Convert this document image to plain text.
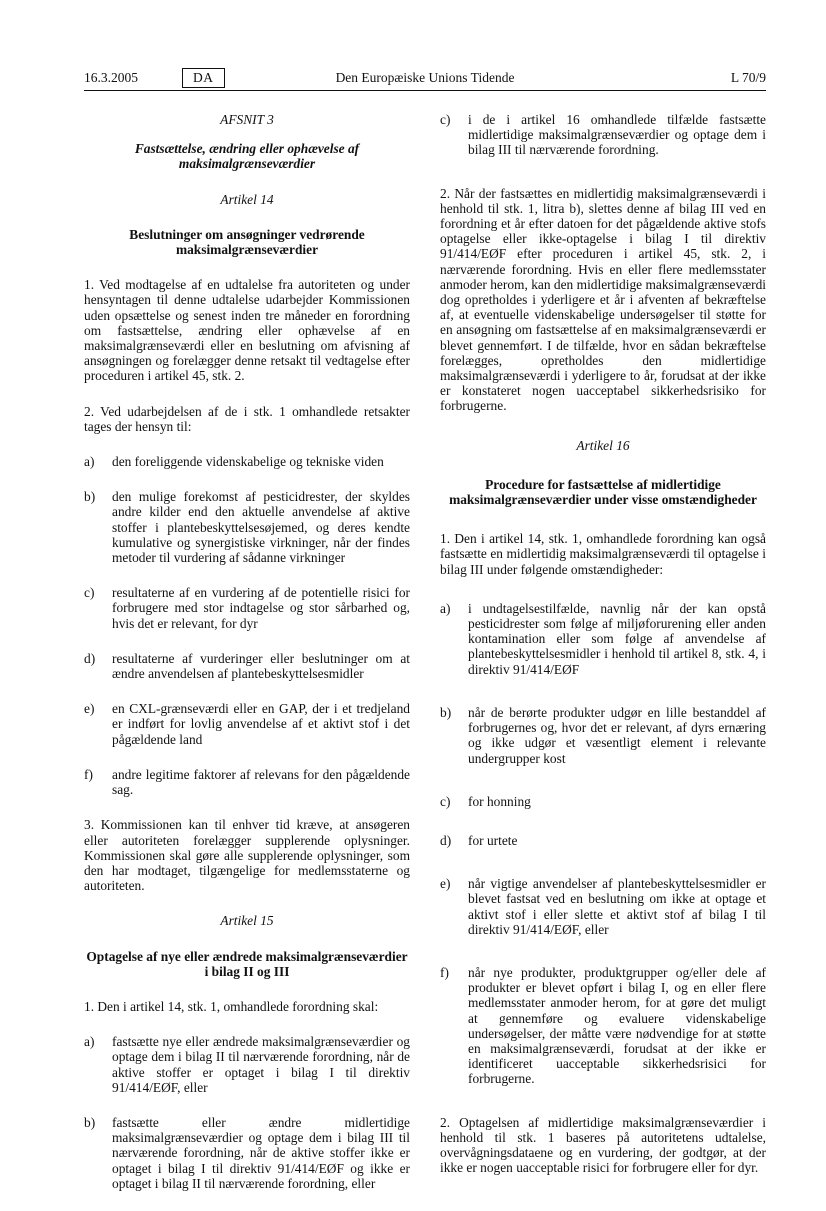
16.3.2005	DA	Den Europæiske Unions Tidende	L 70/9
AFSNIT 3
Fastsættelse, ændring eller ophævelse af maksimalgrænseværdier
Artikel 14
Beslutninger om ansøgninger vedrørende maksimalgrænseværdier

1. Ved modtagelse af en udtalelse fra autoriteten og under hensyntagen til denne udtalelse udarbejder Kommissionen uden opsættelse og senest inden tre måneder en forordning om fastsættelse, ændring eller ophævelse af en maksimalgrænseværdi eller en beslutning om afvisning af ansøgningen og forelægger denne retsakt til vedtagelse efter proceduren i artikel 45, stk. 2.

2. Ved udarbejdelsen af de i stk. 1 omhandlede retsakter tages der hensyn til:

a)	den foreliggende videnskabelige og tekniske viden
b)	den mulige forekomst af pesticidrester, der skyldes andre kilder end den aktuelle anvendelse af aktive stoffer i plantebeskyttelsesøjemed, og deres kendte kumulative og synergistiske virkninger, når der findes metoder til vurdering af sådanne virkninger
c)	resultaterne af en vurdering af de potentielle risici for forbrugere med stor indtagelse og stor sårbarhed og, hvis det er relevant, for dyr
d)	resultaterne af vurderinger eller beslutninger om at ændre anvendelsen af plantebeskyttelsesmidler
e)	en CXL-grænseværdi eller en GAP, der i et tredjeland er indført for lovlig anvendelse af et aktivt stof i det pågældende land
f)	andre legitime faktorer af relevans for den pågældende sag.

3. Kommissionen kan til enhver tid kræve, at ansøgeren eller autoriteten forelægger supplerende oplysninger. Kommissionen skal gøre alle supplerende oplysninger, som den har modtaget, tilgængelige for medlemsstaterne og autoriteten.

Artikel 15
Optagelse af nye eller ændrede maksimalgrænseværdier i bilag II og III

1. Den i artikel 14, stk. 1, omhandlede forordning skal:

a)	fastsætte nye eller ændrede maksimalgrænseværdier og optage dem i bilag II til nærværende forordning, når de aktive stoffer er optaget i bilag I til direktiv 91/414/EØF, eller
b)	fastsætte eller ændre midlertidige maksimalgrænseværdier og optage dem i bilag III til nærværende forordning, når de aktive stoffer ikke er optaget i bilag I til direktiv 91/414/EØF og ikke er optaget i bilag II til nærværende forordning, eller
c)	i de i artikel 16 omhandlede tilfælde fastsætte midlertidige maksimalgrænseværdier og optage dem i bilag III til nærværende forordning.

2. Når der fastsættes en midlertidig maksimalgrænseværdi i henhold til stk. 1, litra b), slettes denne af bilag III ved en forordning et år efter datoen for det pågældende aktive stofs optagelse eller ikke-optagelse i bilag I til direktiv 91/414/EØF efter proceduren i artikel 45, stk. 2, i nærværende forordning. Hvis en eller flere medlemsstater anmoder herom, kan den midlertidige maksimalgrænseværdi dog opretholdes i yderligere et år i afventen af bekræftelse af, at eventuelle videnskabelige undersøgelser til støtte for en ansøgning om fastsættelse af en maksimalgrænseværdi er blevet gennemført. I de tilfælde, hvor en sådan bekræftelse forelægges, opretholdes den midlertidige maksimalgrænseværdi i yderligere to år, forudsat at der ikke er konstateret nogen uacceptabel sikkerhedsrisiko for forbrugerne.

Artikel 16
Procedure for fastsættelse af midlertidige maksimalgrænseværdier under visse omstændigheder

1. Den i artikel 14, stk. 1, omhandlede forordning kan også fastsætte en midlertidig maksimalgrænseværdi til optagelse i bilag III under følgende omstændigheder:

a)	i undtagelsestilfælde, navnlig når der kan opstå pesticidrester som følge af miljøforurening eller anden kontamination eller som følge af anvendelse af plantebeskyttelsesmidler i henhold til artikel 8, stk. 4, i direktiv 91/414/EØF
b)	når de berørte produkter udgør en lille bestanddel af forbrugernes og, hvor det er relevant, af dyrs ernæring og ikke udgør et væsentligt element i relevante undergrupper kost
c)	for honning
d)	for urtete
e)	når vigtige anvendelser af plantebeskyttelsesmidler er blevet fastsat ved en beslutning om ikke at optage et aktivt stof i eller slette et aktivt stof af bilag I til direktiv 91/414/EØF, eller
f)	når nye produkter, produktgrupper og/eller dele af produkter er blevet opført i bilag I, og en eller flere medlemsstater anmoder herom, for at gøre det muligt at gennemføre og evaluere videnskabelige undersøgelser, der måtte være nødvendige for at støtte en maksimalgrænseværdi, forudsat at der ikke er identificeret uacceptable sikkerhedsrisici for forbrugerne.

2. Optagelsen af midlertidige maksimalgrænseværdier i henhold til stk. 1 baseres på autoritetens udtalelse, overvågningsdataene og en vurdering, der godtgør, at der ikke er nogen uacceptable risici for forbrugere eller for dyr.
